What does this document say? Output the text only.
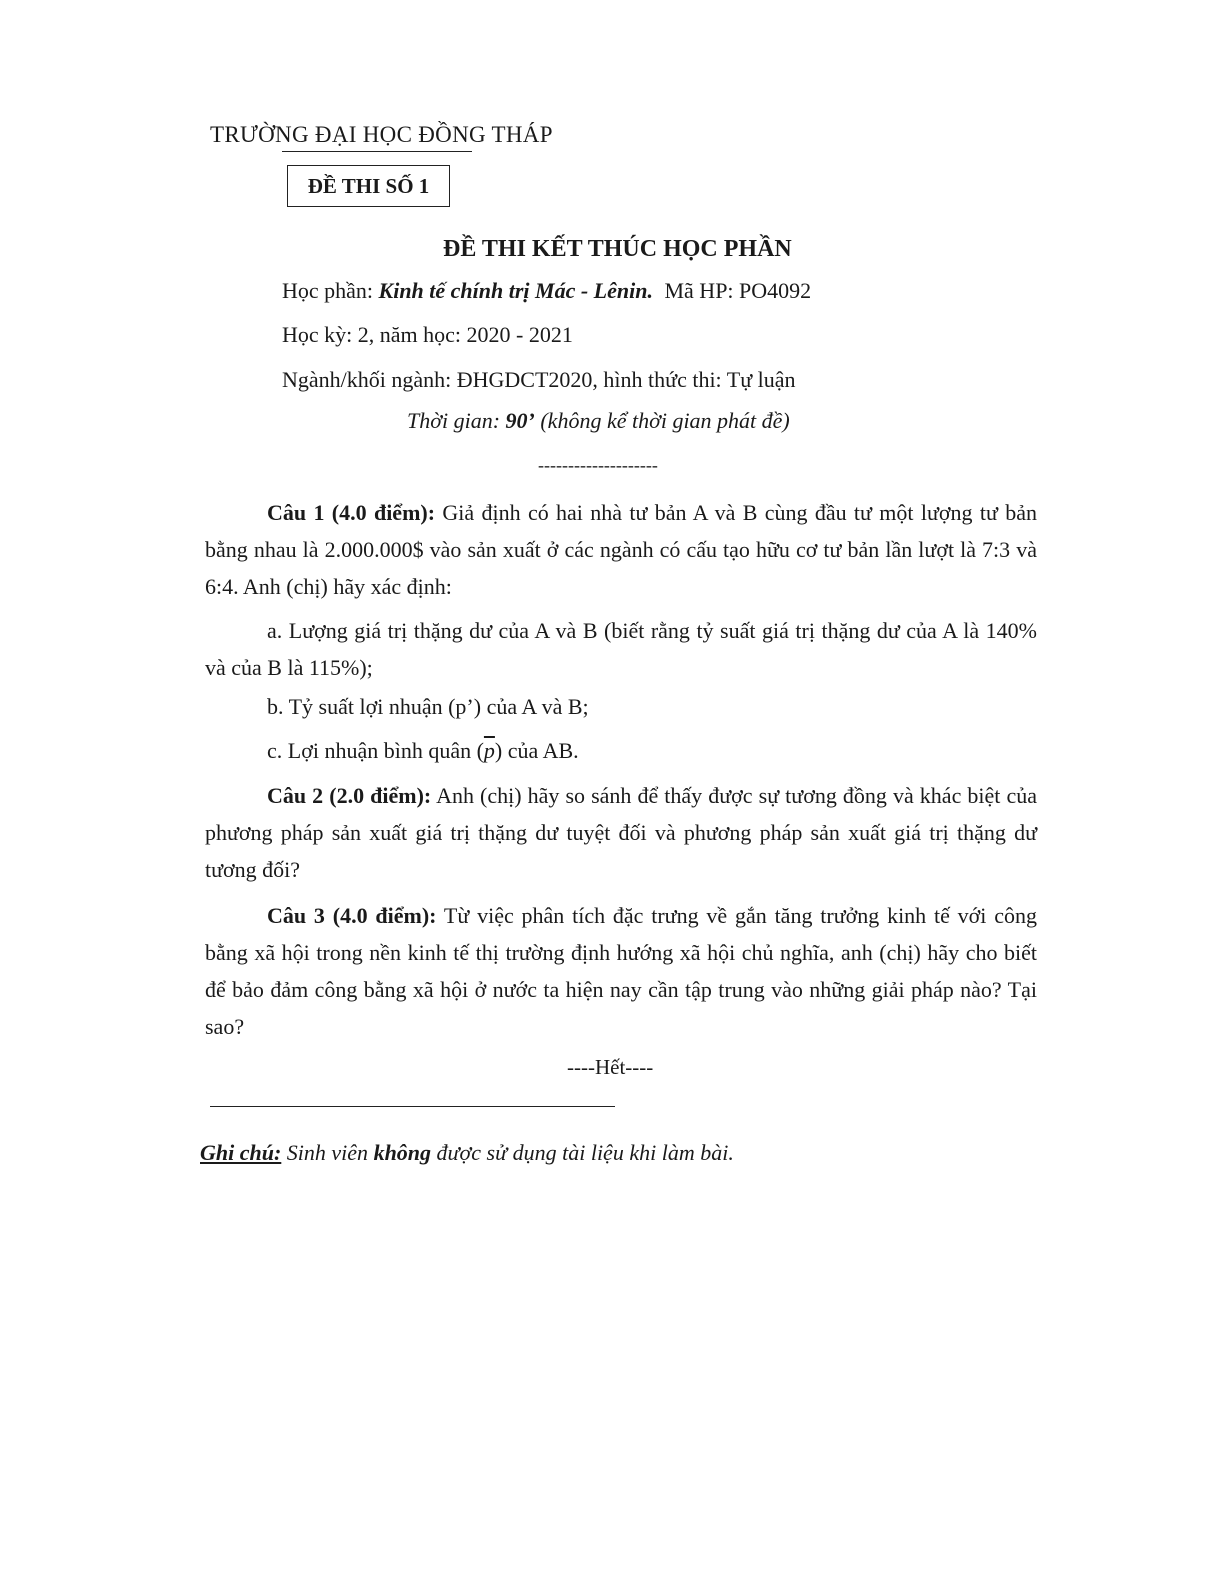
TRƯỜNG ĐẠI HỌC ĐỒNG THÁP
ĐỀ THI SỐ 1
ĐỀ THI KẾT THÚC HỌC PHẦN
Học phần: Kinh tế chính trị Mác - Lênin. Mã HP: PO4092
Học kỳ: 2, năm học: 2020 - 2021
Ngành/khối ngành: ĐHGDCT2020, hình thức thi: Tự luận
Thời gian: 90’ (không kể thời gian phát đề)
--------------------

Câu 1 (4.0 điểm): Giả định có hai nhà tư bản A và B cùng đầu tư một lượng tư bản bằng nhau là 2.000.000$ vào sản xuất ở các ngành có cấu tạo hữu cơ tư bản lần lượt là 7:3 và 6:4. Anh (chị) hãy xác định:

a. Lượng giá trị thặng dư của A và B (biết rằng tỷ suất giá trị thặng dư của A là 140% và của B là 115%);
b. Tỷ suất lợi nhuận (p’) của A và B;
c. Lợi nhuận bình quân $(\overline{p})$ của AB.

Câu 2 (2.0 điểm): Anh (chị) hãy so sánh để thấy được sự tương đồng và khác biệt của phương pháp sản xuất giá trị thặng dư tuyệt đối và phương pháp sản xuất giá trị thặng dư tương đối?

Câu 3 (4.0 điểm): Từ việc phân tích đặc trưng về gắn tăng trưởng kinh tế với công bằng xã hội trong nền kinh tế thị trường định hướng xã hội chủ nghĩa, anh (chị) hãy cho biết để bảo đảm công bằng xã hội ở nước ta hiện nay cần tập trung vào những giải pháp nào? Tại sao?

----Hết----
Ghi chú: Sinh viên không được sử dụng tài liệu khi làm bài.
